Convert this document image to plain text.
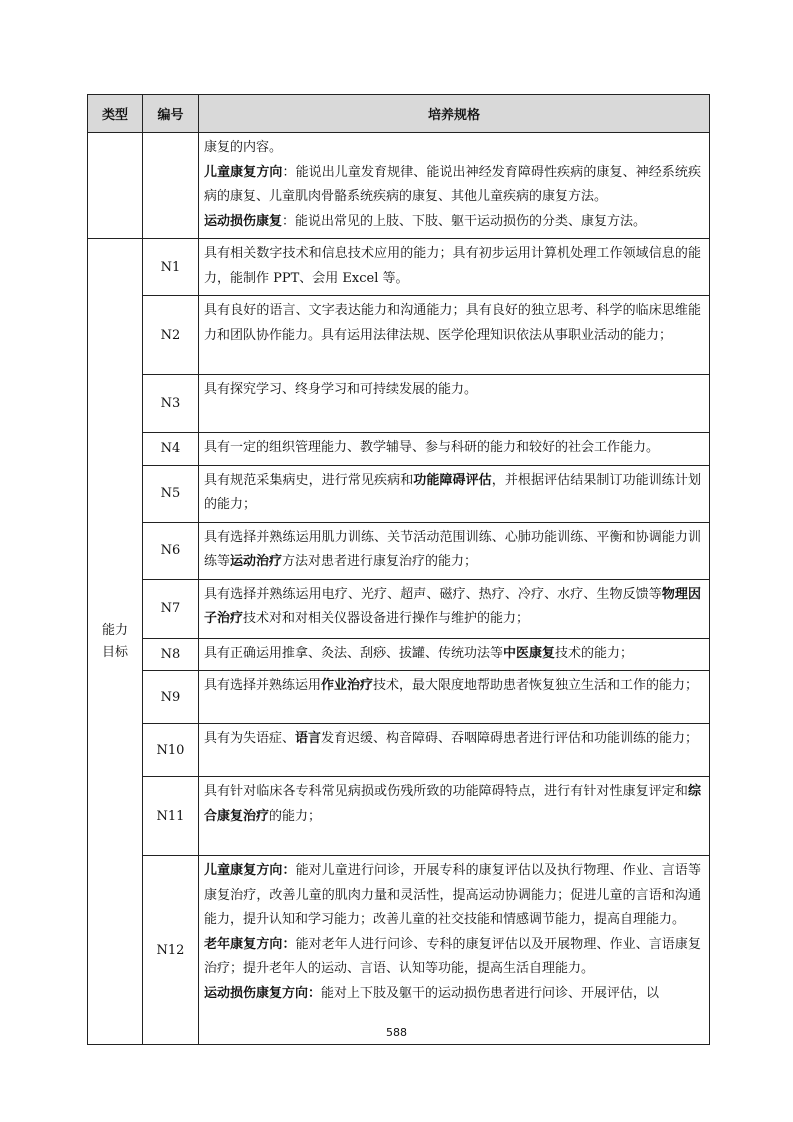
类型	编号	培养规格

		康复的内容。

儿童康复方向：能说出儿童发育规律、能说出神经发育障碍性疾病的康复、神经系统疾病的康复、儿童肌肉骨骼系统疾病的康复、其他儿童疾病的康复方法。

运动损伤康复：能说出常见的上肢、下肢、躯干运动损伤的分类、康复方法。

能力
目标	N1	具有相关数字技术和信息技术应用的能力；具有初步运用计算机处理工作领域信息的能力，能制作 PPT、会用 Excel 等。
	N2	具有良好的语言、文字表达能力和沟通能力；具有良好的独立思考、科学的临床思维能力和团队协作能力。具有运用法律法规、医学伦理知识依法从事职业活动的能力；
	N3	具有探究学习、终身学习和可持续发展的能力。
	N4	具有一定的组织管理能力、教学辅导、参与科研的能力和较好的社会工作能力。
	N5	具有规范采集病史，进行常见疾病和功能障碍评估，并根据评估结果制订功能训练计划的能力；
	N6	具有选择并熟练运用肌力训练、关节活动范围训练、心肺功能训练、平衡和协调能力训练等运动治疗方法对患者进行康复治疗的能力；
	N7	具有选择并熟练运用电疗、光疗、超声、磁疗、热疗、冷疗、水疗、生物反馈等物理因子治疗技术对和对相关仪器设备进行操作与维护的能力；
	N8	具有正确运用推拿、灸法、刮痧、拔罐、传统功法等中医康复技术的能力；
	N9	具有选择并熟练运用作业治疗技术，最大限度地帮助患者恢复独立生活和工作的能力；
	N10	具有为失语症、语言发育迟缓、构音障碍、吞咽障碍患者进行评估和功能训练的能力；
	N11	具有针对临床各专科常见病损或伤残所致的功能障碍特点，进行有针对性康复评定和综合康复治疗的能力；
	N12	儿童康复方向：能对儿童进行问诊，开展专科的康复评估以及执行物理、作业、言语等康复治疗，改善儿童的肌肉力量和灵活性，提高运动协调能力；促进儿童的言语和沟通能力，提升认知和学习能力；改善儿童的社交技能和情感调节能力，提高自理能力。

老年康复方向：能对老年人进行问诊、专科的康复评估以及开展物理、作业、言语康复治疗；提升老年人的运动、言语、认知等功能，提高生活自理能力。

运动损伤康复方向：能对上下肢及躯干的运动损伤患者进行问诊、开展评估，以

588
